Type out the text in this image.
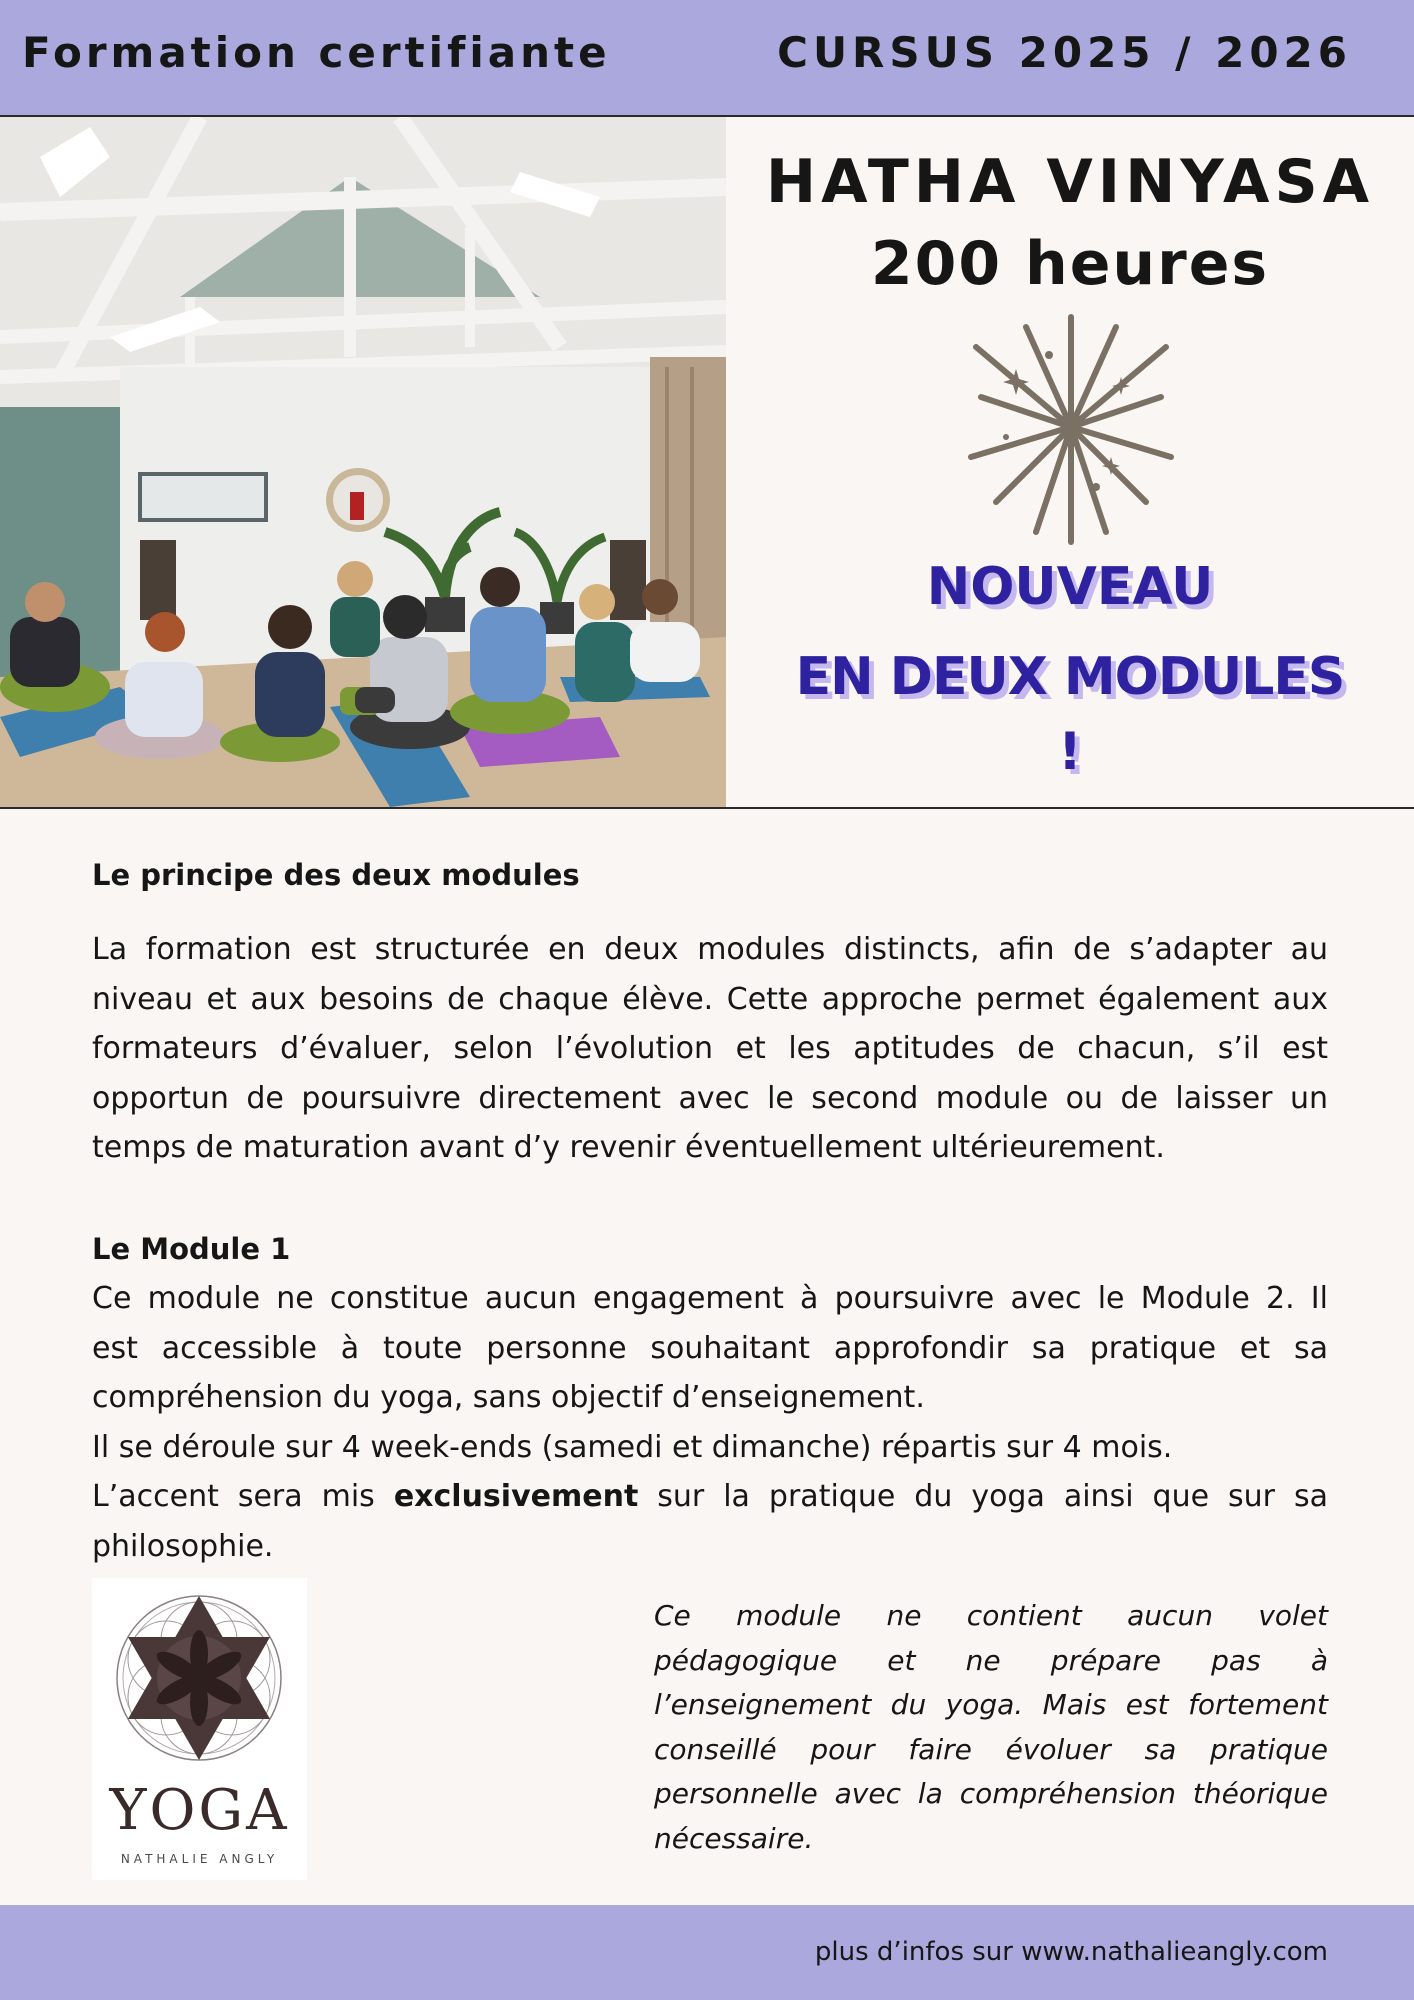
Formation certifiante	CURSUS 2025 / 2026
HATHA VINYASA
200 heures
NOUVEAU
EN DEUX MODULES
!
Le principe des deux modules
La formation est structurée en deux modules distincts, afin de s’adapter au
niveau et aux besoins de chaque élève. Cette approche permet également aux
formateurs d’évaluer, selon l’évolution et les aptitudes de chacun, s’il est
opportun de poursuivre directement avec le second module ou de laisser un
temps de maturation avant d’y revenir éventuellement ultérieurement.
Le Module 1
Ce module ne constitue aucun engagement à poursuivre avec le Module 2. Il
est accessible à toute personne souhaitant approfondir sa pratique et sa
compréhension du yoga, sans objectif d’enseignement.
Il se déroule sur 4 week-ends (samedi et dimanche) répartis sur 4 mois.
L’accent sera mis exclusivement sur la pratique du yoga ainsi que sur sa
philosophie.
YOGA
NATHALIE ANGLY
Ce module ne contient aucun volet
pédagogique et ne prépare pas à
l’enseignement du yoga. Mais est fortement
conseillé pour faire évoluer sa pratique
personnelle avec la compréhension théorique
nécessaire.
plus d’infos sur www.nathalieangly.com
